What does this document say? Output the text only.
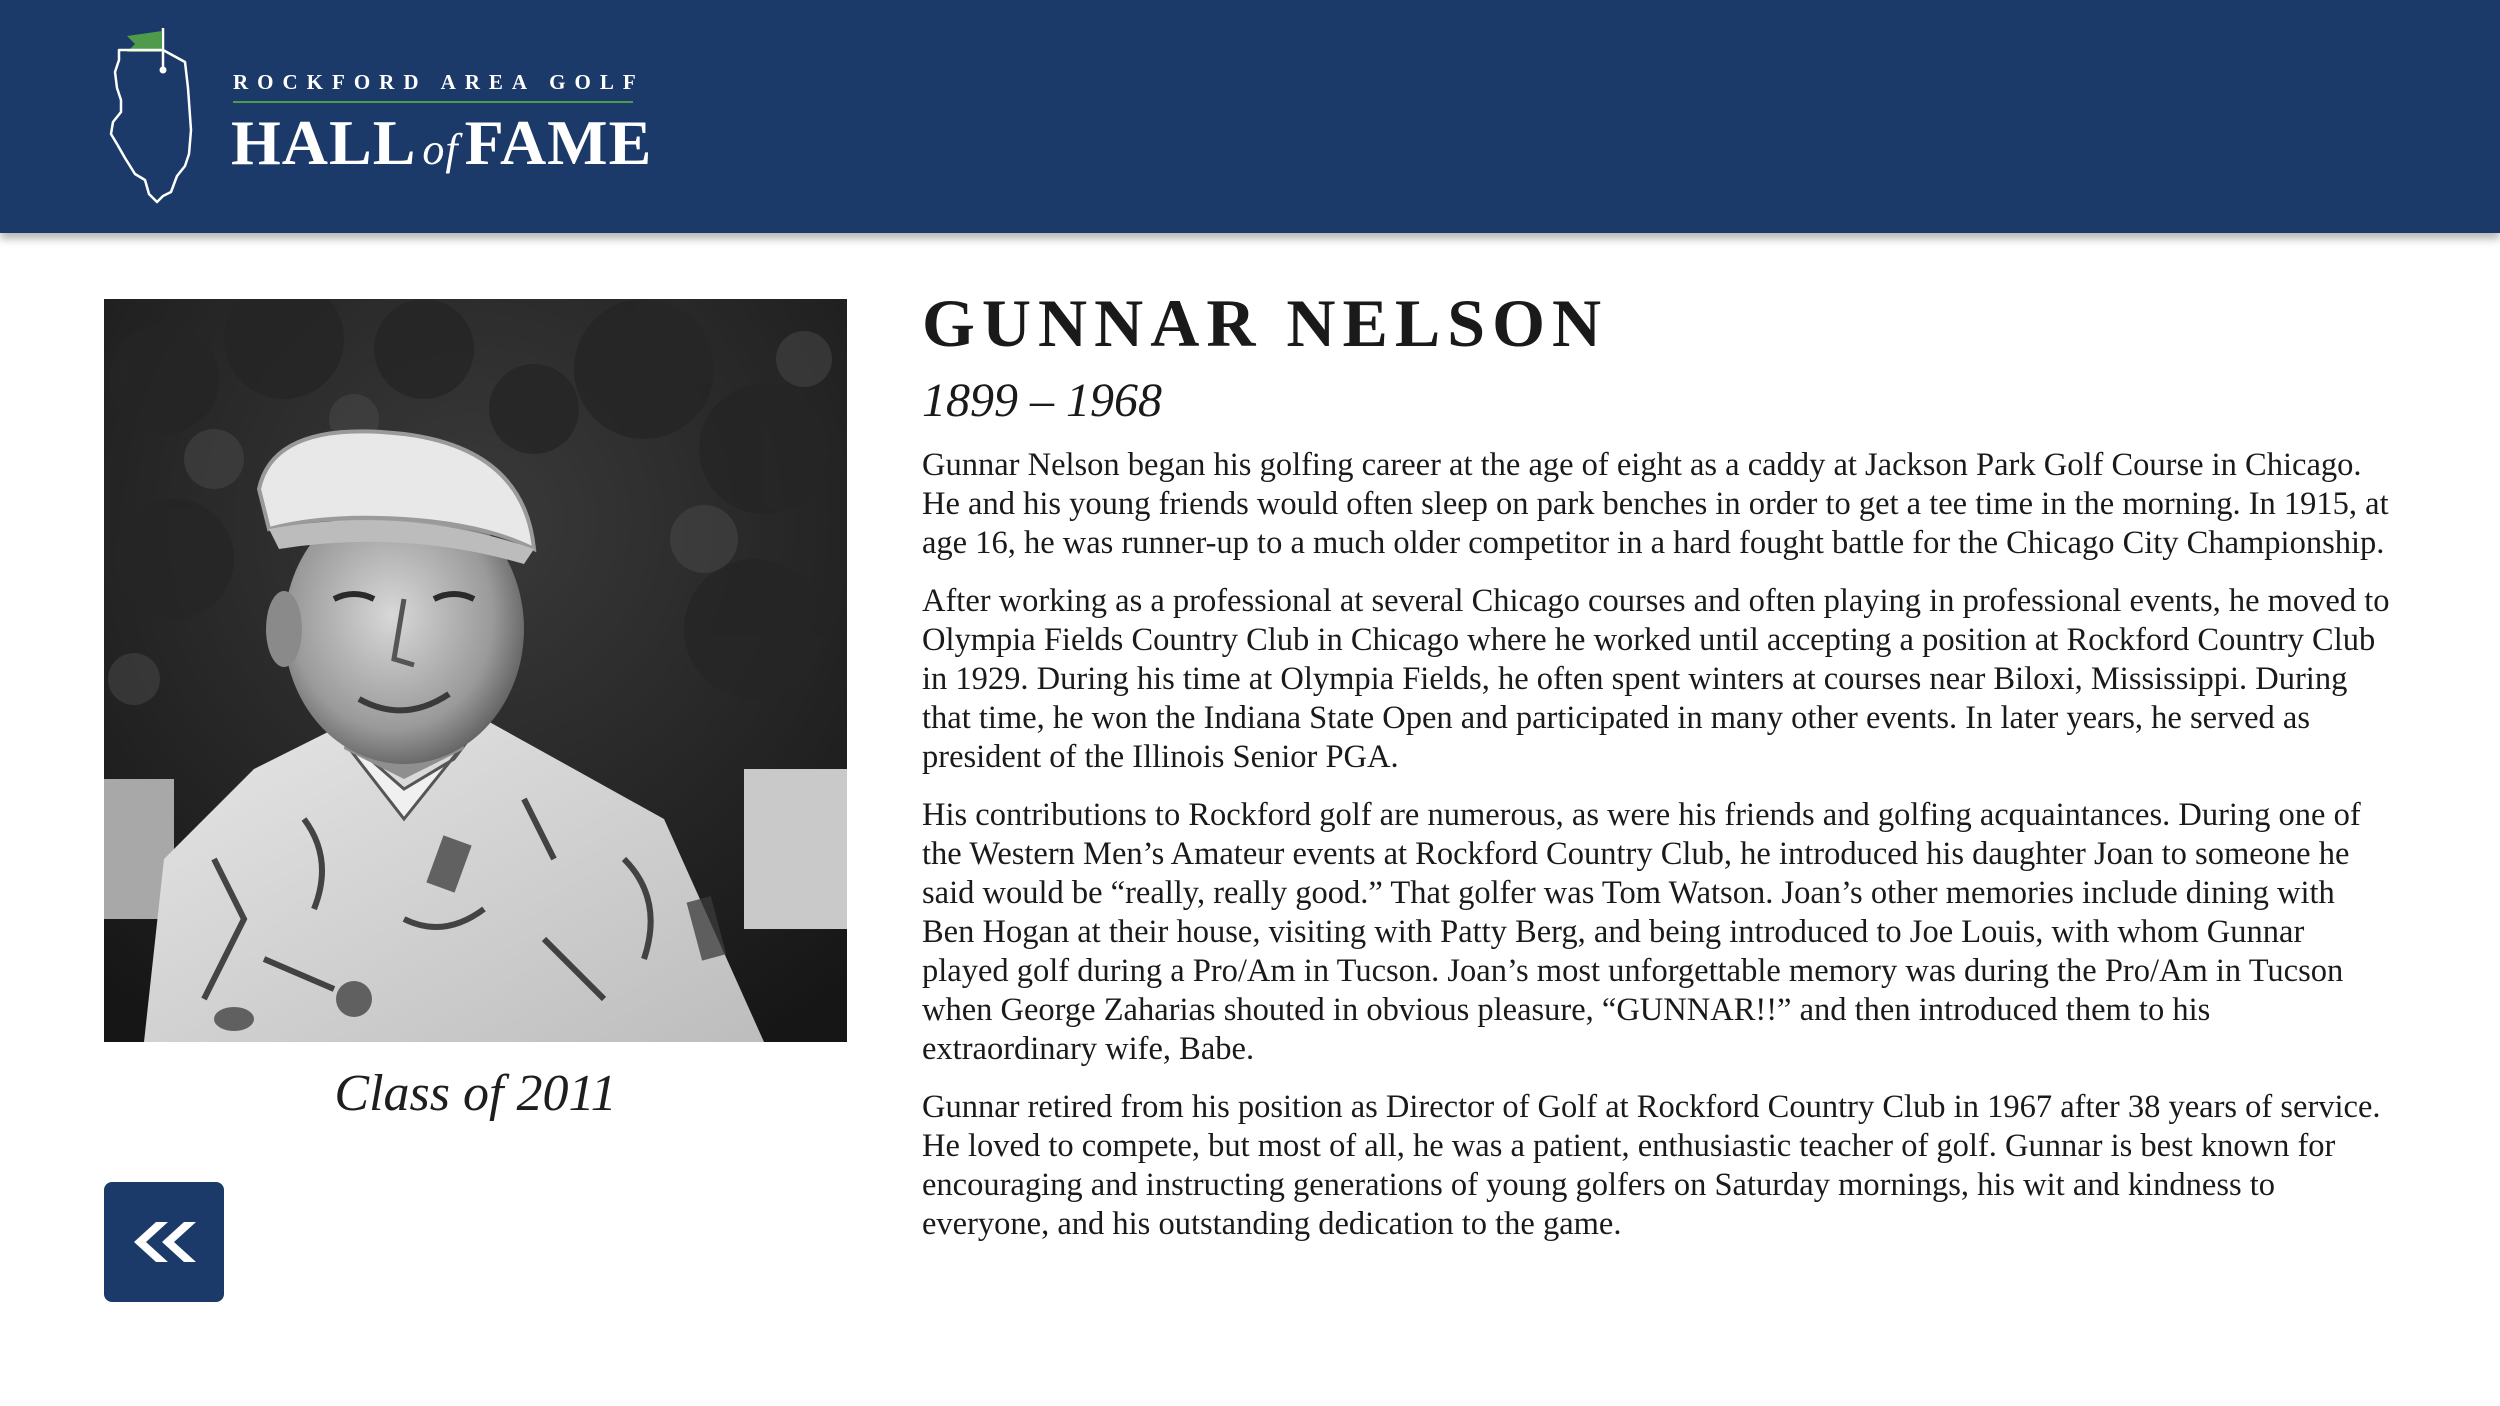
ROCKFORD AREA GOLF
HALL ofFAME
Class of 2011
GUNNAR NELSON
1899 – 1968

Gunnar Nelson began his golfing career at the age of eight as a caddy at Jackson Park Golf Course in Chicago. He and his young friends would often sleep on park benches in order to get a tee time in the morning. In 1915, at age 16, he was runner-up to a much older competitor in a hard fought battle for the Chicago City Championship.

After working as a professional at several Chicago courses and often playing in professional events, he moved to Olympia Fields Country Club in Chicago where he worked until accepting a position at Rockford Country Club in 1929. During his time at Olympia Fields, he often spent winters at courses near Biloxi, Mississippi. During that time, he won the Indiana State Open and participated in many other events. In later years, he served as president of the Illinois Senior PGA.

His contributions to Rockford golf are numerous, as were his friends and golfing acquaintances. During one of the Western Men’s Amateur events at Rockford Country Club, he introduced his daughter Joan to someone he said would be “really, really good.” That golfer was Tom Watson. Joan’s other memories include dining with Ben Hogan at their house, visiting with Patty Berg, and being introduced to Joe Louis, with whom Gunnar played golf during a Pro/Am in Tucson. Joan’s most unforgettable memory was during the Pro/Am in Tucson when George Zaharias shouted in obvious pleasure, “GUNNAR!!” and then introduced them to his extraordinary wife, Babe.

Gunnar retired from his position as Director of Golf at Rockford Country Club in 1967 after 38 years of service. He loved to compete, but most of all, he was a patient, enthusiastic teacher of golf. Gunnar is best known for encouraging and instructing generations of young golfers on Saturday mornings, his wit and kindness to everyone, and his outstanding dedication to the game.
